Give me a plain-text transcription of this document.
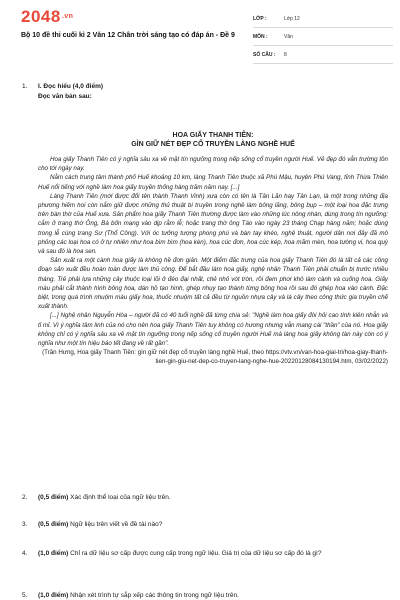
2048.vn
Bộ 10 đề thi cuối kì 2 Văn 12 Chân trời sáng tạo có đáp án - Đề 9
LỚP :	Lớp 12
MÔN :	Văn
SỐ CÂU :	8
1. I. Đọc hiểu (4,0 điểm)
Đọc văn bản sau:
HOA GIẤY THANH TIÊN:
GÌN GIỮ NÉT ĐẸP CỔ TRUYỀN LÀNG NGHỀ HUẾ

Hoa giấy Thanh Tiên có ý nghĩa sâu xa về mặt tín ngưỡng trong nếp sống cổ truyền người Huế. Vẻ đẹp đó vẫn trường tồn cho tới ngày nay.

Nằm cách trung tâm thành phố Huế khoảng 10 km, làng Thanh Tiên thuộc xã Phú Mậu, huyện Phú Vang, tỉnh Thừa Thiên Huế nổi tiếng với nghề làm hoa giấy truyền thống hàng trăm năm nay. [...]

Làng Thanh Tiên (mới được đổi tên thành Thanh Vinh) xưa còn có tên là Tân Lăn hay Tân Lạn, là một trong những địa phương hiếm hoi còn nắm giữ được những thủ thuật bí truyền trong nghề làm bông lăng, bông bụp – một loại hoa đặc trưng trên bàn thờ của Huế xưa. Sản phẩm hoa giấy Thanh Tiên thường được làm vào những lúc nông nhàn, dùng trong tín ngưỡng: cắm ở trang thờ Ông, Bà bốn mạng vào dịp rằm lễ; hoặc trang thờ ông Táo vào ngày 23 tháng Chạp hàng năm; hoặc dùng trong lễ cúng trang Sư (Thổ Công). Với óc tưởng tượng phong phú và bàn tay khéo, nghệ thuật, người dân nơi đây đã mô phỏng các loại hoa có ở tự nhiên như hoa bìm bìm (hoa kèn), hoa cúc đơn, hoa cúc kép, hoa mãm mèn, hoa tường vi, hoa quỳ và sau đó là hoa sen.

Sản xuất ra một cành hoa giấy là không hề đơn giản. Một điểm đặc trưng của hoa giấy Thanh Tiên đó là tất cả các công đoạn sản xuất đều hoàn toàn được làm thủ công. Để bắt đầu làm hoa giấy, nghệ nhân Thanh Tiên phải chuẩn bị trước nhiều tháng. Trẻ phải lựa những cây thuộc loại lõi ở đéo đại nhất, chẻ nhỏ vót tròn, rồi đem phơi khô làm cành và cuống hoa. Giấy màu phải cắt thành hình bông hoa, dán hồ tạo hình, ghép nhụy tạo thành từng bông hoa rồi sau đó ghép hoa vào cành. Đặc biệt, trong quá trình nhuộm màu giấy hoa, thuốc nhuộm tất cả đều từ nguồn nhựa cây và lá cây theo công thức gia truyền chế xuất thành.

[...] Nghệ nhân Nguyễn Hòa – người đã có 40 tuổi nghề đã từng chia sẻ: "Nghề làm hoa giấy đòi hỏi cao tính kiên nhẫn và tỉ mỉ. Vì ý nghĩa tâm linh của nó cho nên hoa giấy Thanh Tiên tuy không có hương nhưng vẫn mang cái "thần" của nó. Hoa giấy không chỉ có ý nghĩa sâu xa về mặt tín ngưỡng trong nếp sống cổ truyền người Huế mà làng hoa giấy không tàn này còn có ý nghĩa như một tín hiệu báo tết đang về rất gần".

(Trần Hưng, Hoa giấy Thanh Tiên: gìn giữ nét đẹp cổ truyền làng nghề Huế, theo https://vtv.vn/van-hoa-giai-tri/hoa-giay-thanh-tien-gin-giu-net-dep-co-truyen-lang-nghe-hue-20220128084130194.htm, 03/02/2022)

2. (0,5 điểm) Xác định thể loại của ngữ liệu trên.
3. (0,5 điểm) Ngữ liệu trên viết về đề tài nào?
4. (1,0 điểm) Chỉ ra dữ liệu sơ cấp được cung cấp trong ngữ liệu. Giá trị của dữ liệu sơ cấp đó là gì?
5. (1,0 điểm) Nhận xét trình tự sắp xếp các thông tin trong ngữ liệu trên.
